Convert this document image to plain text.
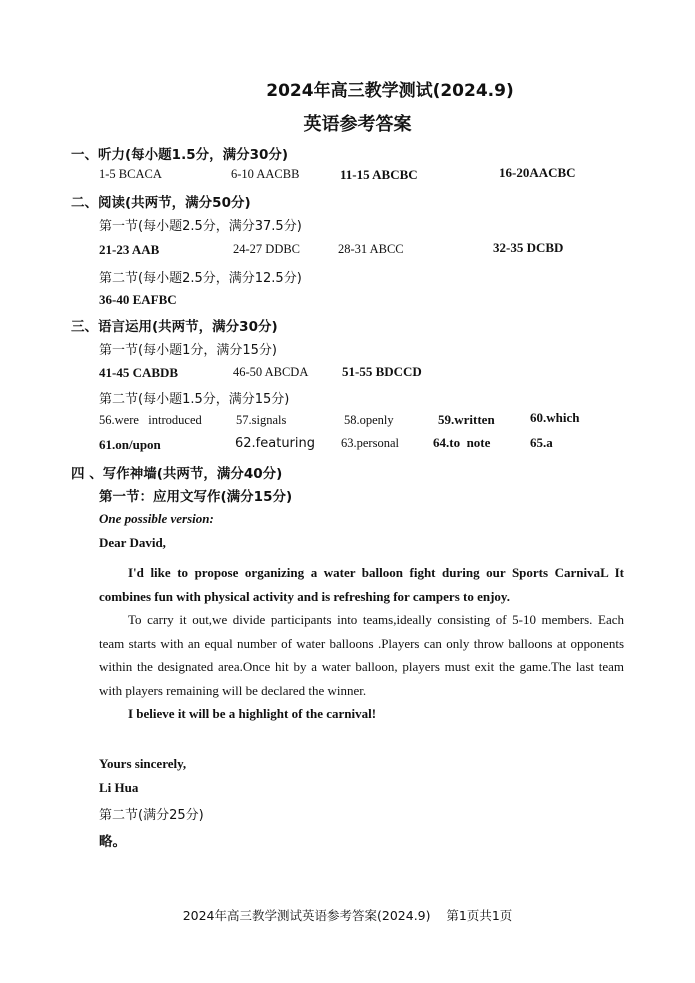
2024年高三教学测试(2024.9)
英语参考答案
一、听力(每小题1.5分，满分30分)
1-5 BCACA	6-10 AACBB	11-15 ABCBC	16-20AACBC
二、阅读(共两节，满分50分)
第一节(每小题2.5分，满分37.5分)
21-23 AAB	24-27 DDBC	28-31 ABCC	32-35 DCBD
第二节(每小题2.5分，满分12.5分)
36-40 EAFBC
三、语言运用(共两节，满分30分)
第一节(每小题1分，满分15分)
41-45 CABDB	46-50 ABCDA	51-55 BDCCD
第二节(每小题1.5分，满分15分)
56.were   introduced	57.signals	58.openly	59.written	60.which
61.on/upon	62.featuring 63.personal	64.to  note	65.a
四 、写作神墙(共两节，满分40分)
第一节：应用文写作(满分15分)
One possible version:
Dear David,

I'd like to propose organizing a water balloon fight during our Sports CarnivaL It combines fun with physical activity and is refreshing for campers to enjoy.

To carry it out,we divide participants into teams,ideally consisting of 5-10 members. Each team starts with an equal number of water balloons .Players can only throw balloons at opponents within the designated area.Once hit by a water balloon, players must exit the game.The last team with players remaining will be declared the winner.

I believe it will be a highlight of the carnival!

Yours sincerely,
Li Hua
第二节(满分25分)
略。
2024年高三教学测试英语参考答案(2024.9)    第1页共1页
